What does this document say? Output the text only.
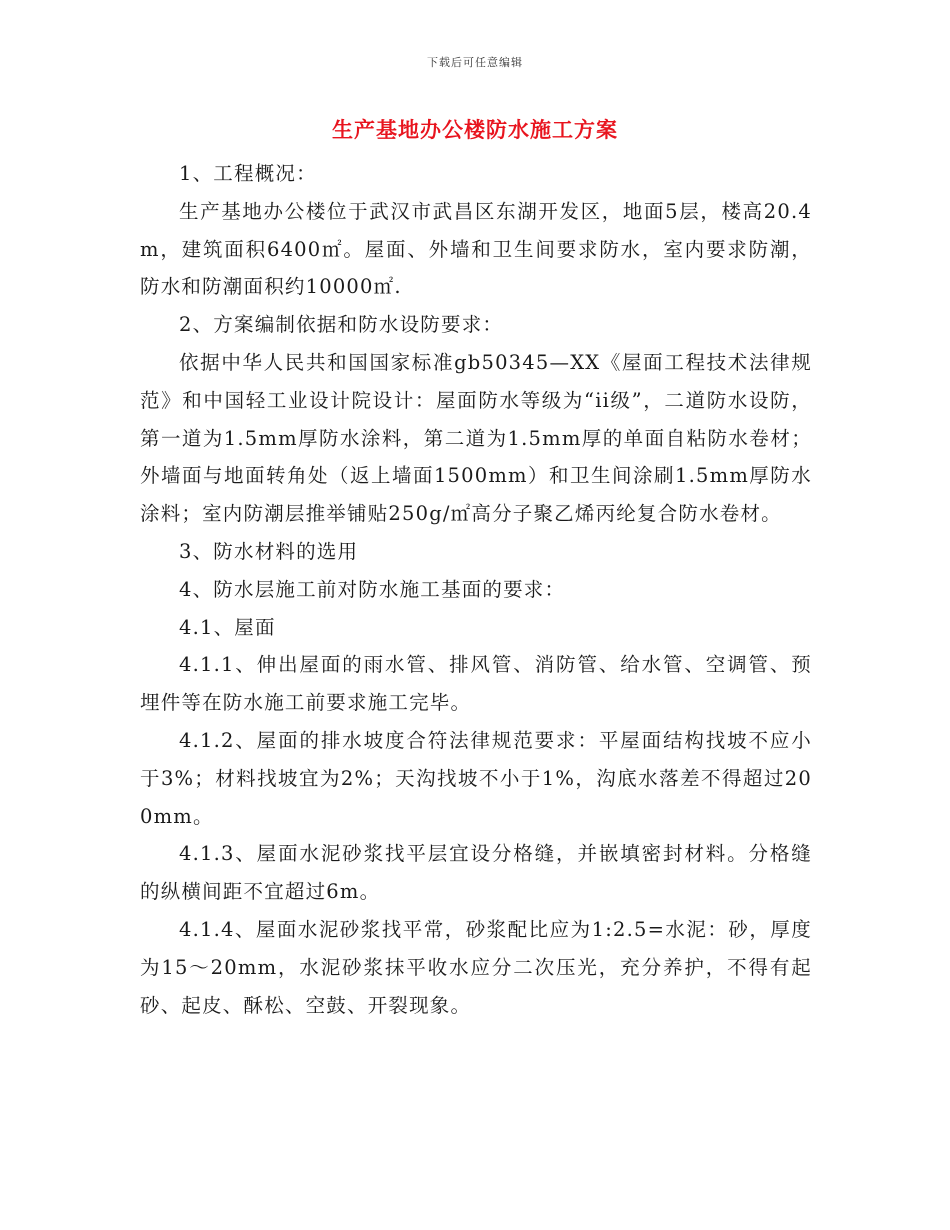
下载后可任意编辑
生产基地办公楼防水施工方案

1、工程概况：

生产基地办公楼位于武汉市武昌区东湖开发区，地面5层，楼高20.4m，建筑面积6400㎡。屋面、外墙和卫生间要求防水，室内要求防潮，防水和防潮面积约10000㎡.

2、方案编制依据和防水设防要求：

依据中华人民共和国国家标准gb50345—XX《屋面工程技术法律规范》和中国轻工业设计院设计：屋面防水等级为“ii级”，二道防水设防，第一道为1.5mm厚防水涂料，第二道为1.5mm厚的单面自粘防水卷材；外墙面与地面转角处（返上墙面1500mm）和卫生间涂刷1.5mm厚防水涂料；室内防潮层推举铺贴250g/㎡高分子聚乙烯丙纶复合防水卷材。

3、防水材料的选用

4、防水层施工前对防水施工基面的要求：

4.1、屋面

4.1.1、伸出屋面的雨水管、排风管、消防管、给水管、空调管、预埋件等在防水施工前要求施工完毕。

4.1.2、屋面的排水坡度合符法律规范要求：平屋面结构找坡不应小于3%；材料找坡宜为2%；天沟找坡不小于1%，沟底水落差不得超过200mm。

4.1.3、屋面水泥砂浆找平层宜设分格缝，并嵌填密封材料。分格缝的纵横间距不宜超过6m。

4.1.4、屋面水泥砂浆找平常，砂浆配比应为1:2.5=水泥：砂，厚度为15～20mm，水泥砂浆抹平收水应分二次压光，充分养护，不得有起砂、起皮、酥松、空鼓、开裂现象。
